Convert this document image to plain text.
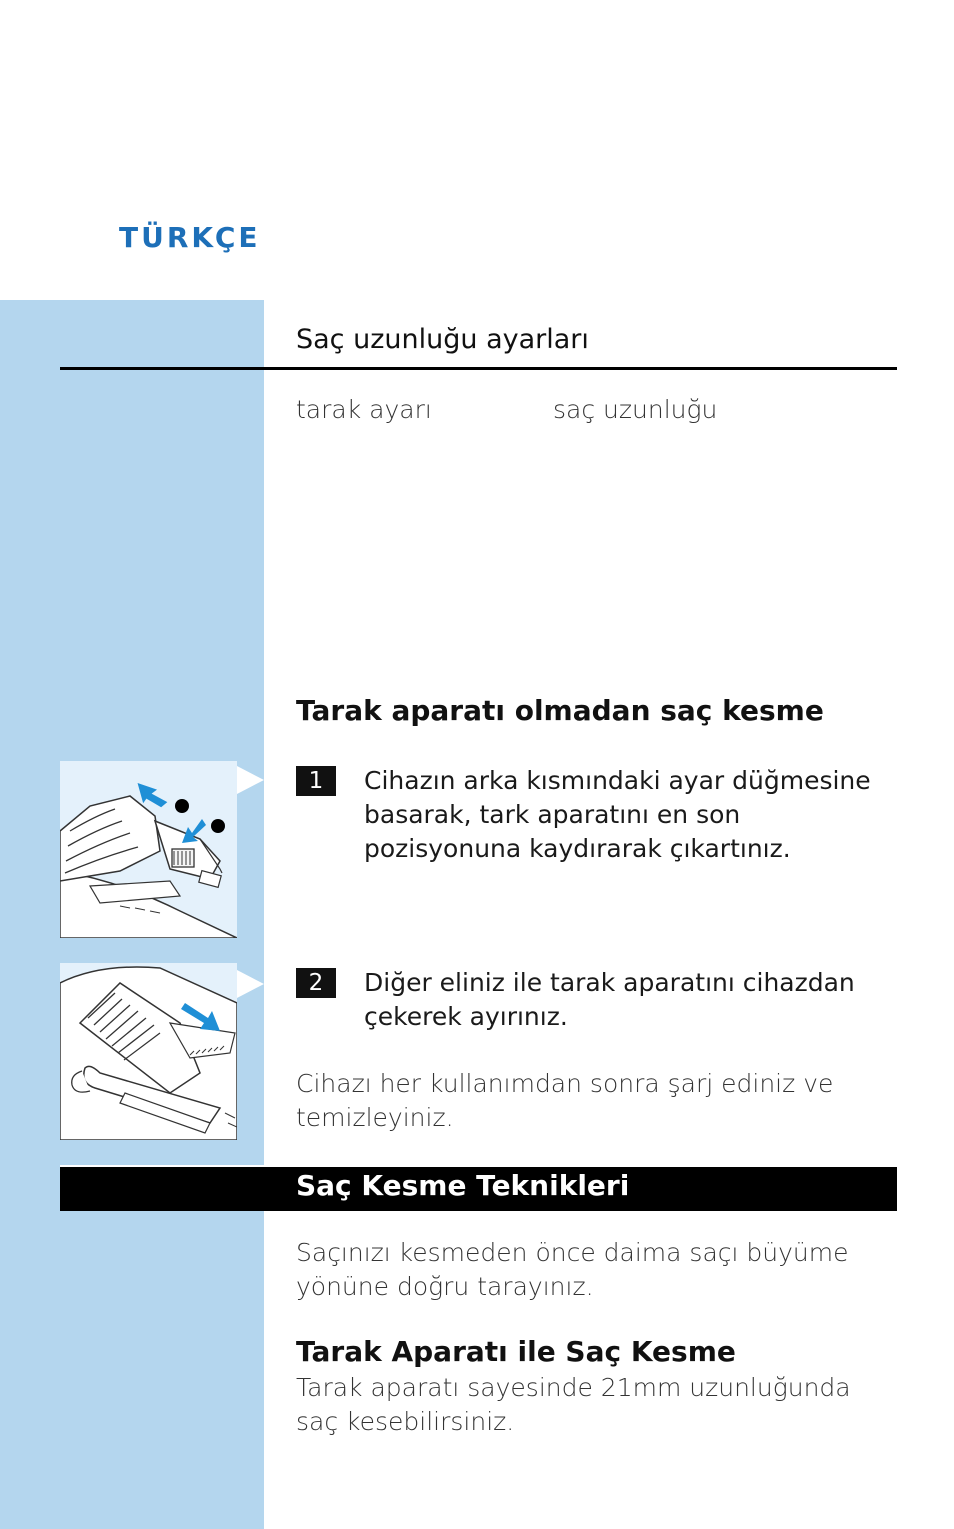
TÜRKÇE
Saç uzunluğu ayarları
tarak ayarı	saç uzunluğu
Tarak aparatı olmadan saç kesme
1	Cihazın arka kısmındaki ayar düğmesine basarak, tark aparatını en son pozisyonuna kaydırarak çıkartınız.
2	Diğer eliniz ile tarak aparatını cihazdan çekerek ayırınız.
Cihazı her kullanımdan sonra şarj ediniz ve temizleyiniz.
Saç Kesme Teknikleri
Saçınızı kesmeden önce daima saçı büyüme yönüne doğru tarayınız.
Tarak Aparatı ile Saç Kesme
Tarak aparatı sayesinde 21mm uzunluğunda saç kesebilirsiniz.
